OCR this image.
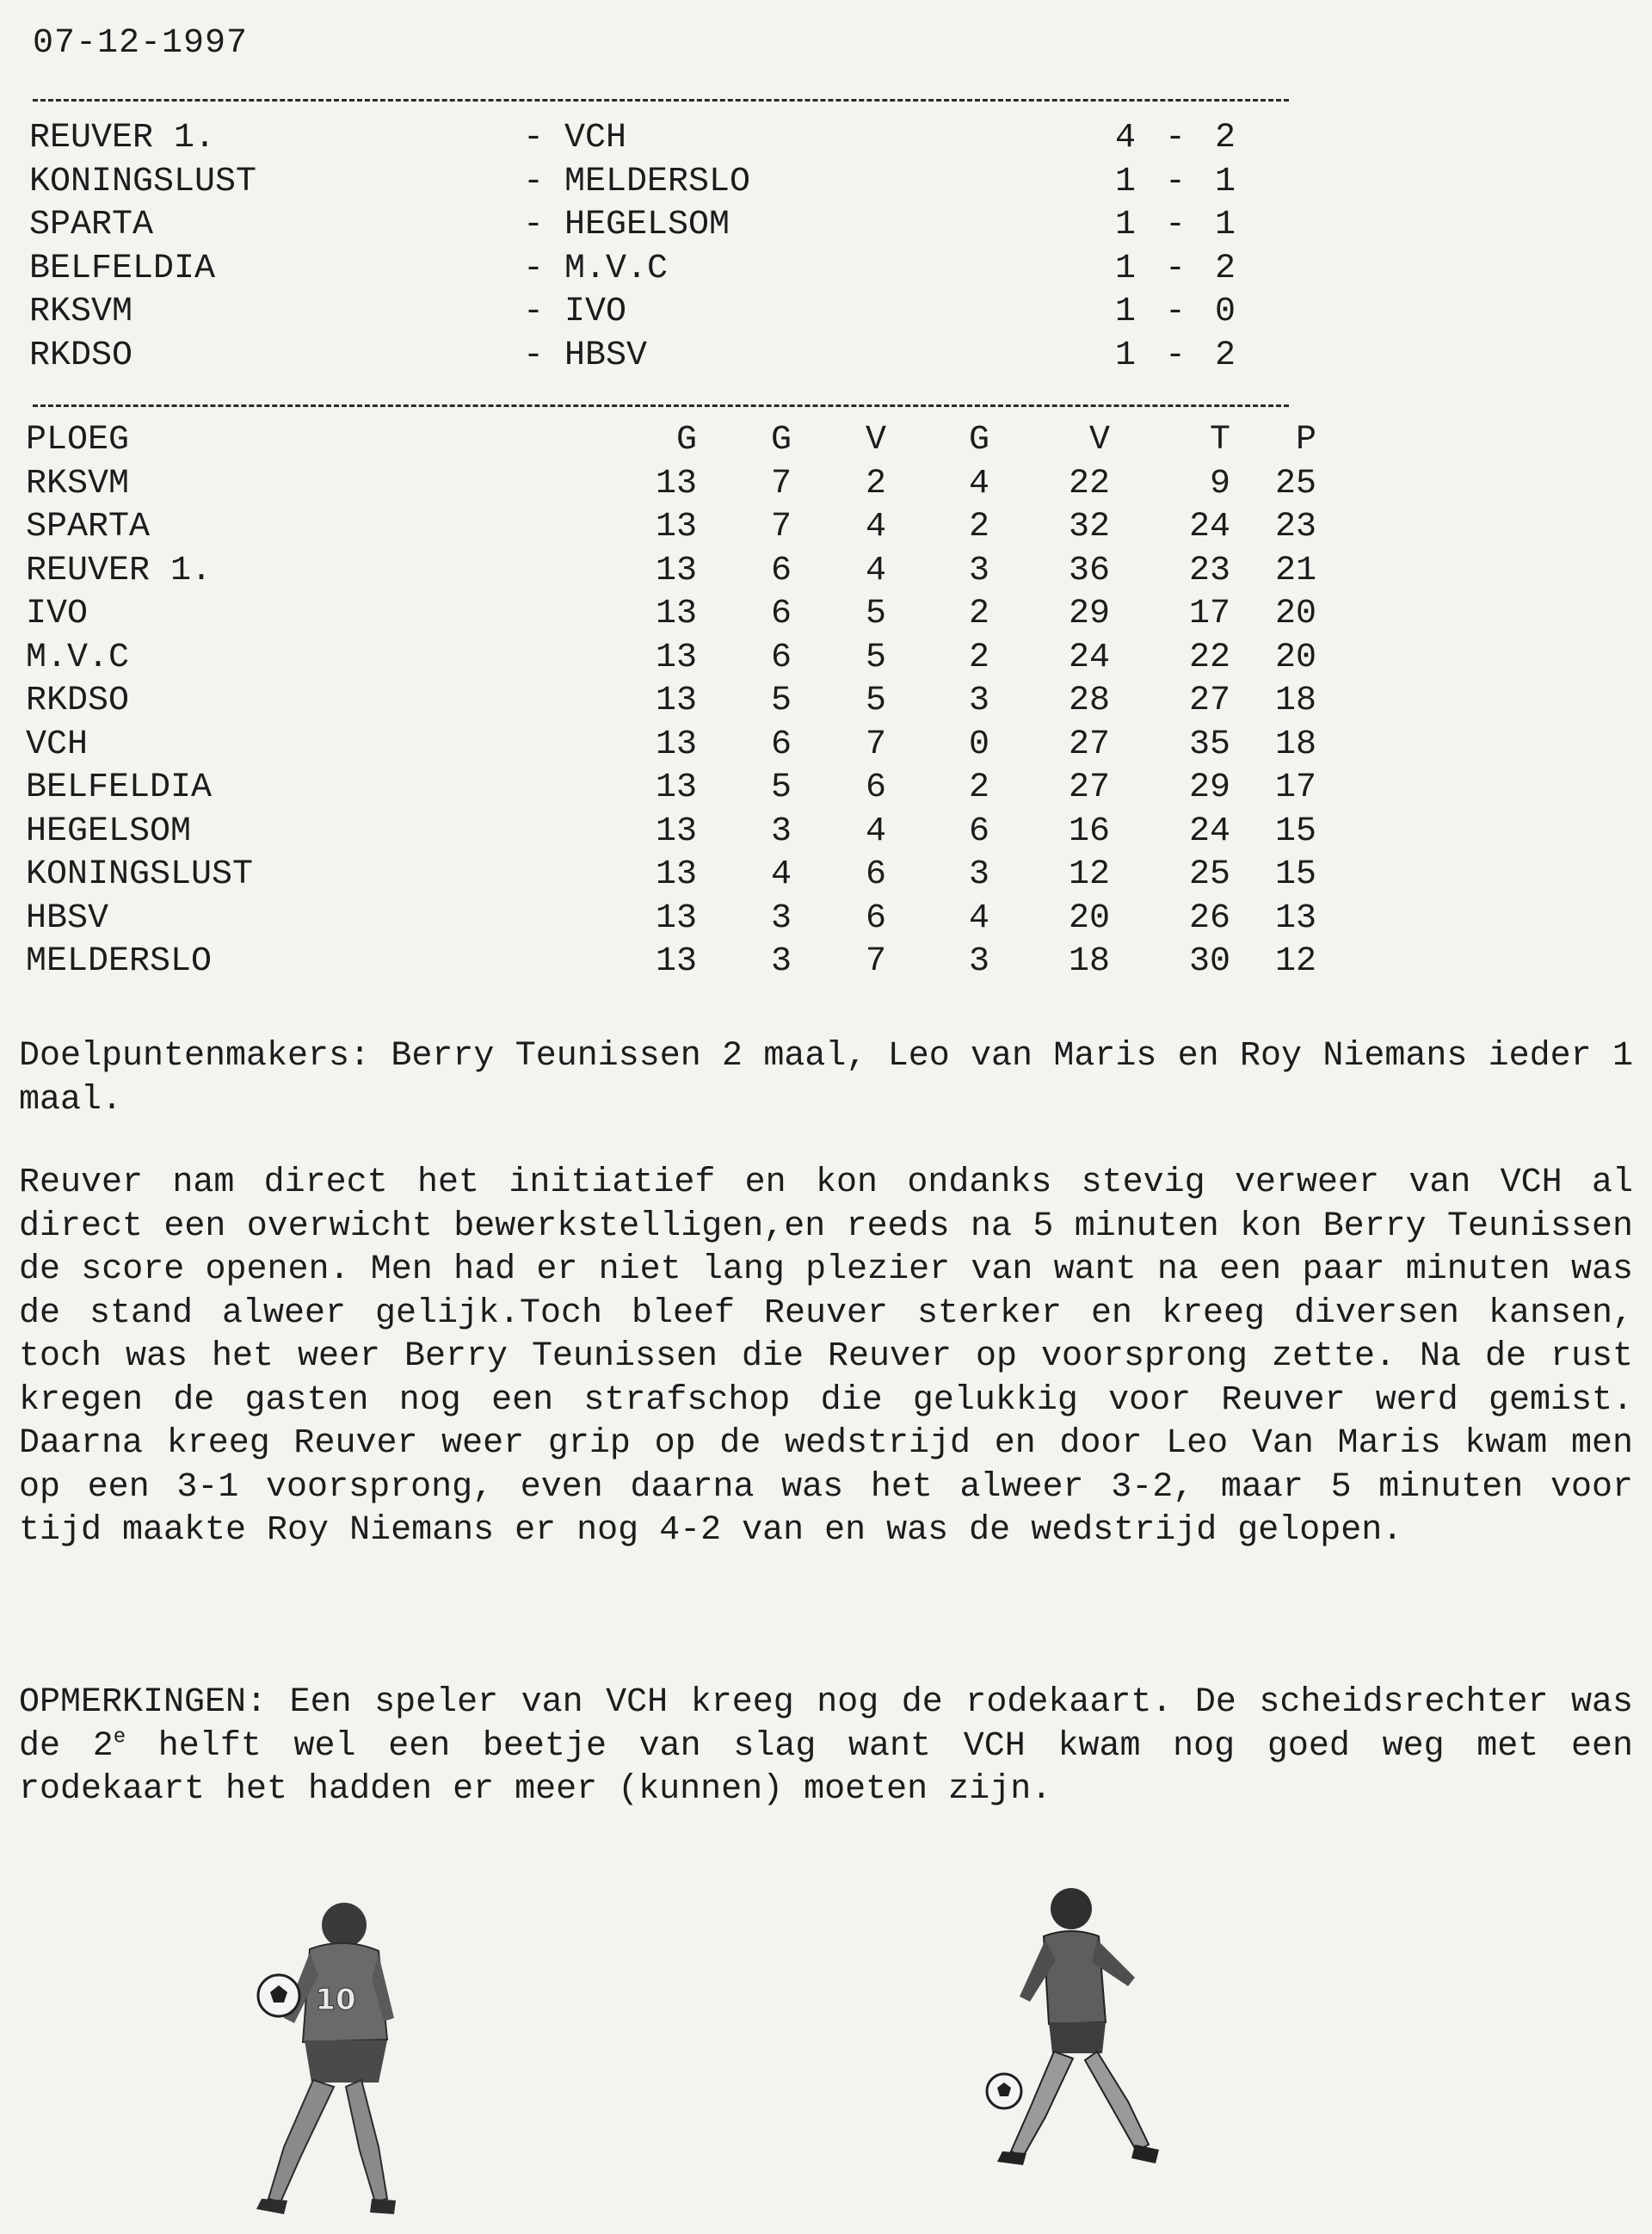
07-12-1997
REUVER 1.	- VCH	4 - 2
KONINGSLUST	- MELDERSLO	1 - 1
SPARTA	- HEGELSOM	1 - 1
BELFELDIA	- M.V.C	1 - 2
RKSVM	- IVO	1 - 0
RKDSO	- HBSV	1 - 2
PLOEG	G	G	V	G	V	T	P
RKSVM	13	7	2	4	22	9	25
SPARTA	13	7	4	2	32	24	23
REUVER 1.	13	6	4	3	36	23	21
IVO	13	6	5	2	29	17	20
M.V.C	13	6	5	2	24	22	20
RKDSO	13	5	5	3	28	27	18
VCH	13	6	7	0	27	35	18
BELFELDIA	13	5	6	2	27	29	17
HEGELSOM	13	3	4	6	16	24	15
KONINGSLUST	13	4	6	3	12	25	15
HBSV	13	3	6	4	20	26	13
MELDERSLO	13	3	7	3	18	30	12

Doelpuntenmakers: Berry Teunissen 2 maal, Leo van Maris en Roy Niemans ieder 1 maal.

Reuver nam direct het initiatief en kon ondanks stevig verweer van VCH al direct een overwicht bewerkstelligen,en reeds na 5 minuten kon Berry Teunissen de score openen. Men had er niet lang plezier van want na een paar minuten was de stand alweer gelijk.Toch bleef Reuver sterker en kreeg diversen kansen, toch was het weer Berry Teunissen die Reuver op voorsprong zette. Na de rust kregen de gasten nog een strafschop die gelukkig voor Reuver werd gemist. Daarna kreeg Reuver weer grip op de wedstrijd en door Leo Van Maris kwam men op een 3-1 voorsprong, even daarna was het alweer 3-2, maar 5 minuten voor tijd maakte Roy Niemans er nog 4-2 van en was de wedstrijd gelopen.

OPMERKINGEN: Een speler van VCH kreeg nog de rodekaart. De scheidsrechter was de 2e helft wel een beetje van slag want VCH kwam nog goed weg met een rodekaart het hadden er meer (kunnen) moeten zijn.

10
